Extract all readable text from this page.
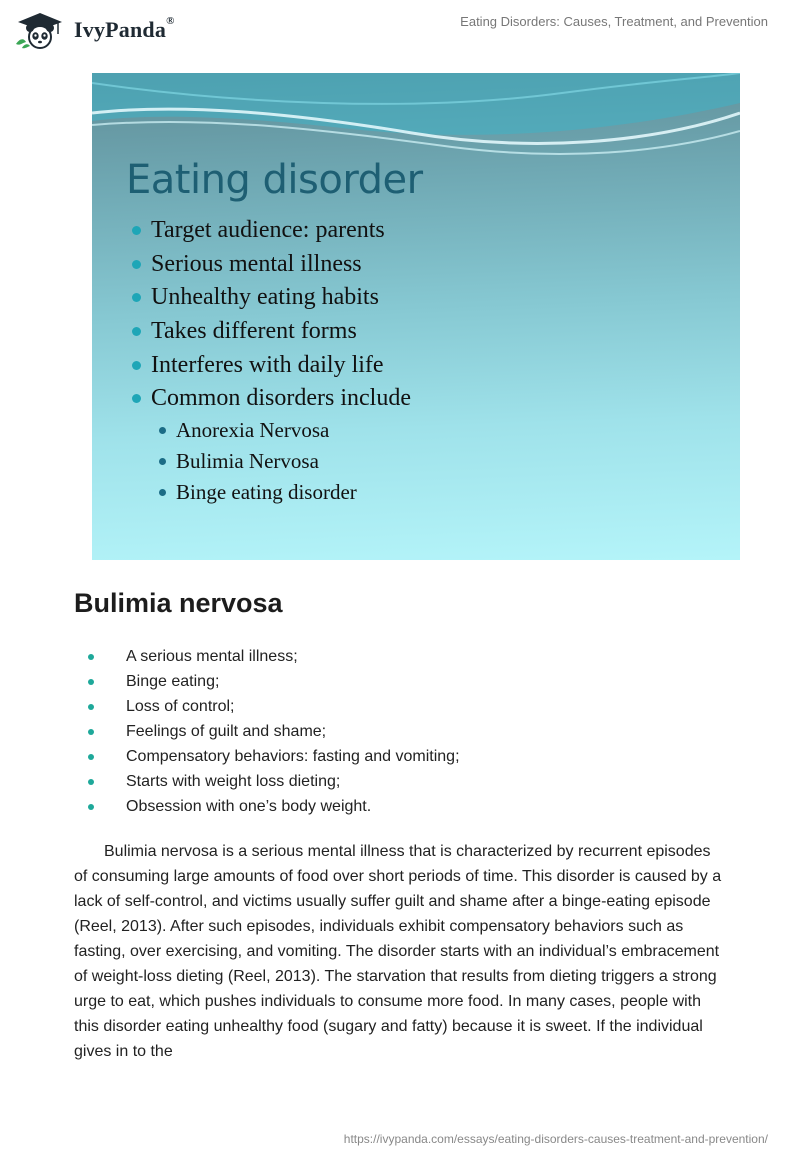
IvyPanda®	Eating Disorders: Causes, Treatment, and Prevention
Eating disorder
Target audience: parents
Serious mental illness
Unhealthy eating habits
Takes different forms
Interferes with daily life
Common disorders include
Anorexia Nervosa
Bulimia Nervosa
Binge eating disorder
Bulimia nervosa
A serious mental illness;
Binge eating;
Loss of control;
Feelings of guilt and shame;
Compensatory behaviors: fasting and vomiting;
Starts with weight loss dieting;
Obsession with one’s body weight.

Bulimia nervosa is a serious mental illness that is characterized by recurrent episodes of consuming large amounts of food over short periods of time. This disorder is caused by a lack of self-control, and victims usually suffer guilt and shame after a binge-eating episode (Reel, 2013). After such episodes, individuals exhibit compensatory behaviors such as fasting, over exercising, and vomiting. The disorder starts with an individual’s embracement of weight-loss dieting (Reel, 2013). The starvation that results from dieting triggers a strong urge to eat, which pushes individuals to consume more food. In many cases, people with this disorder eating unhealthy food (sugary and fatty) because it is sweet. If the individual gives in to the

https://ivypanda.com/essays/eating-disorders-causes-treatment-and-prevention/
